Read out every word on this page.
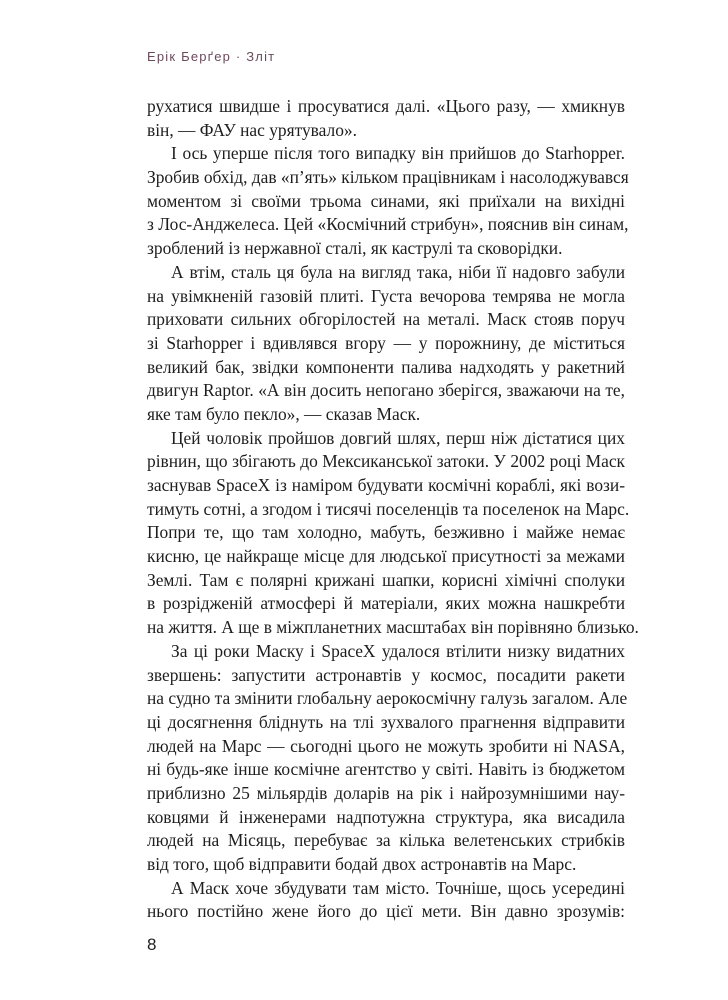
Ерік Берґер · Зліт
рухатися швидше і просуватися далі. «Цього разу, — хмикнув
він, — ФАУ нас урятувало».
І ось уперше після того випадку він прийшов до Starhopper.
Зробив обхід, дав «п’ять» кільком працівникам і насолоджувався
моментом зі своїми трьома синами, які приїхали на вихідні
з Лос-Анджелеса. Цей «Космічний стрибун», пояснив він синам,
зроблений із нержавної сталі, як каструлі та сковорідки.
А втім, сталь ця була на вигляд така, ніби її надовго забули
на увімкненій газовій плиті. Густа вечорова темрява не могла
приховати сильних обгорілостей на металі. Маск стояв поруч
зі Starhopper і вдивлявся вгору — у порожнину, де міститься
великий бак, звідки компоненти палива надходять у ракетний
двигун Raptor. «А він досить непогано зберігся, зважаючи на те,
яке там було пекло», — сказав Маск.
Цей чоловік пройшов довгий шлях, перш ніж дістатися цих
рівнин, що збігають до Мексиканської затоки. У 2002 році Маск
заснував SpaceX із наміром будувати космічні кораблі, які вози-
тимуть сотні, а згодом і тисячі поселенців та поселенок на Марс.
Попри те, що там холодно, мабуть, безживно і майже немає
кисню, це найкраще місце для людської присутності за межами
Землі. Там є полярні крижані шапки, корисні хімічні сполуки
в розрідженій атмосфері й матеріали, яких можна нашкребти
на життя. А ще в міжпланетних масштабах він порівняно близько.
За ці роки Маску і SpaceX удалося втілити низку видатних
звершень: запустити астронавтів у космос, посадити ракети
на судно та змінити глобальну аерокосмічну галузь загалом. Але
ці досягнення бліднуть на тлі зухвалого прагнення відправити
людей на Марс — сьогодні цього не можуть зробити ні NASA,
ні будь-яке інше космічне агентство у світі. Навіть із бюджетом
приблизно 25 мільярдів доларів на рік і найрозумнішими нау-
ковцями й інженерами надпотужна структура, яка висадила
людей на Місяць, перебуває за кілька велетенських стрибків
від того, щоб відправити бодай двох астронавтів на Марс.
А Маск хоче збудувати там місто. Точніше, щось усередині
нього постійно жене його до цієї мети. Він давно зрозумів:
8
